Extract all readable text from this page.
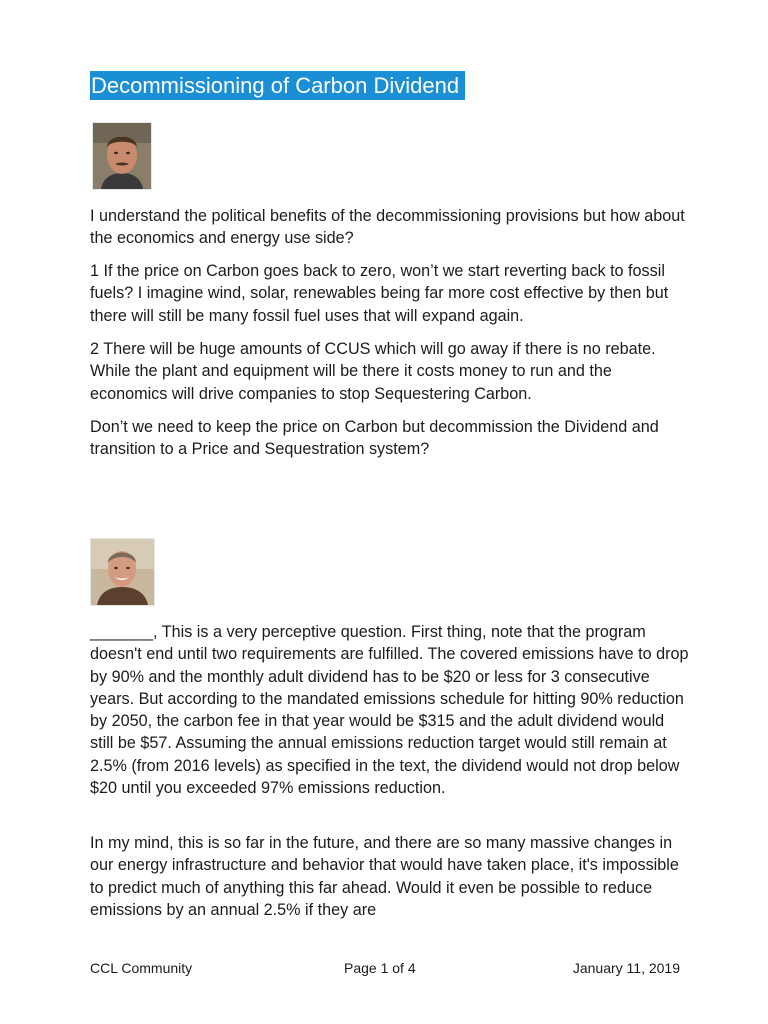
Decommissioning of Carbon Dividend

I understand the political benefits of the decommissioning provisions but how about the economics and energy use side?

1 If the price on Carbon goes back to zero, won’t we start reverting back to fossil fuels? I imagine wind, solar, renewables being far more cost effective by then but there will still be many fossil fuel uses that will expand again.

2 There will be huge amounts of CCUS which will go away if there is no rebate. While the plant and equipment will be there it costs money to run and the economics will drive companies to stop Sequestering Carbon.

Don’t we need to keep the price on Carbon but decommission the Dividend and transition to a Price and Sequestration system?

_______, This is a very perceptive question. First thing, note that the program doesn't end until two requirements are fulfilled. The covered emissions have to drop by 90% and the monthly adult dividend has to be $20 or less for 3 consecutive years. But according to the mandated emissions schedule for hitting 90% reduction by 2050, the carbon fee in that year would be $315 and the adult dividend would still be $57. Assuming the annual emissions reduction target would still remain at 2.5% (from 2016 levels) as specified in the text, the dividend would not drop below $20 until you exceeded 97% emissions reduction.

In my mind, this is so far in the future, and there are so many massive changes in our energy infrastructure and behavior that would have taken place, it's impossible to predict much of anything this far ahead. Would it even be possible to reduce emissions by an annual 2.5% if they are

CCL Community	Page 1 of 4	January 11, 2019
